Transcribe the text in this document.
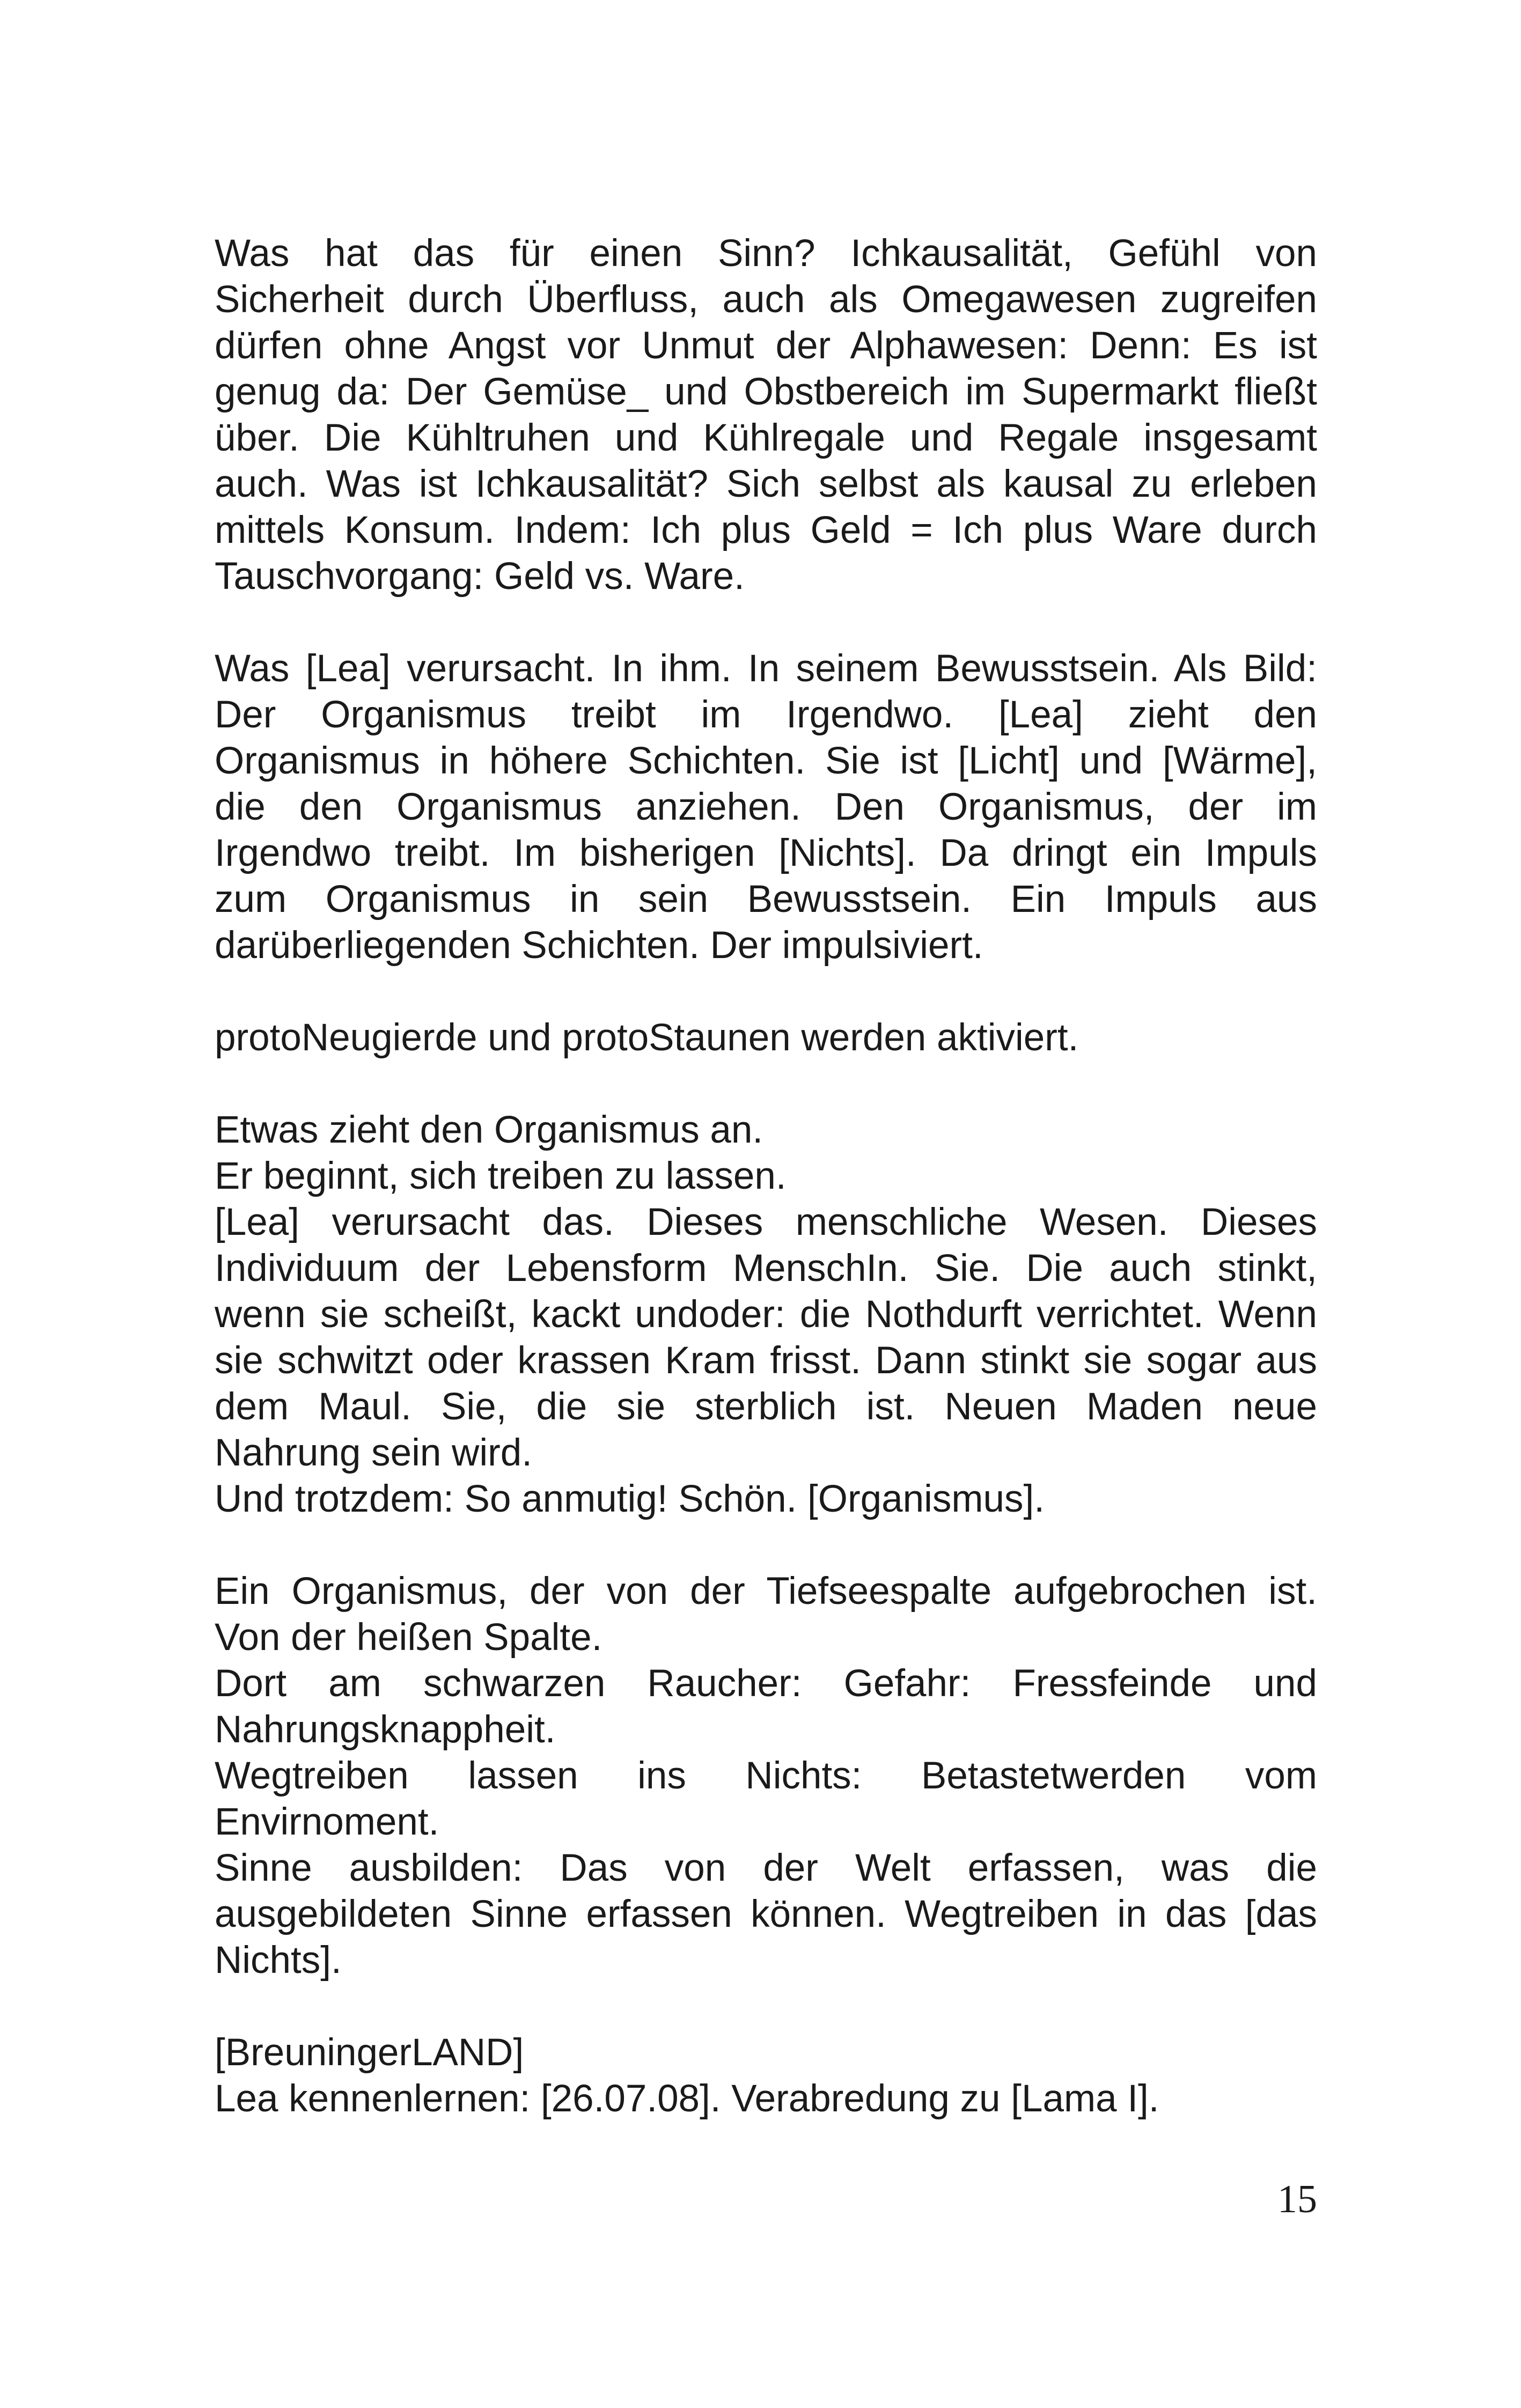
Was hat das für einen Sinn? Ichkausalität, Gefühl von
Sicherheit durch Überfluss, auch als Omegawesen zugreifen
dürfen ohne Angst vor Unmut der Alphawesen: Denn: Es ist
genug da: Der Gemüse_ und Obstbereich im Supermarkt fließt
über. Die Kühltruhen und Kühlregale und Regale insgesamt
auch. Was ist Ichkausalität? Sich selbst als kausal zu erleben
mittels Konsum. Indem: Ich plus Geld = Ich plus Ware durch
Tauschvorgang: Geld vs. Ware.
Was [Lea] verursacht. In ihm. In seinem Bewusstsein. Als Bild:
Der Organismus treibt im Irgendwo. [Lea] zieht den
Organismus in höhere Schichten. Sie ist [Licht] und [Wärme],
die den Organismus anziehen. Den Organismus, der im
Irgendwo treibt. Im bisherigen [Nichts]. Da dringt ein Impuls
zum Organismus in sein Bewusstsein. Ein Impuls aus
darüberliegenden Schichten. Der impulsiviert.
protoNeugierde und protoStaunen werden aktiviert.
Etwas zieht den Organismus an.
Er beginnt, sich treiben zu lassen.
[Lea] verursacht das. Dieses menschliche Wesen. Dieses
Individuum der Lebensform MenschIn. Sie. Die auch stinkt,
wenn sie scheißt, kackt undoder: die Nothdurft verrichtet. Wenn
sie schwitzt oder krassen Kram frisst. Dann stinkt sie sogar aus
dem Maul. Sie, die sie sterblich ist. Neuen Maden neue
Nahrung sein wird.
Und trotzdem: So anmutig! Schön. [Organismus].
Ein Organismus, der von der Tiefseespalte aufgebrochen ist.
Von der heißen Spalte.
Dort am schwarzen Raucher: Gefahr: Fressfeinde und
Nahrungsknappheit.
Wegtreiben lassen ins Nichts: Betastetwerden vom
Envirnoment.
Sinne ausbilden: Das von der Welt erfassen, was die
ausgebildeten Sinne erfassen können. Wegtreiben in das [das
Nichts].
[BreuningerLAND]
Lea kennenlernen: [26.07.08]. Verabredung zu [Lama I].
15
